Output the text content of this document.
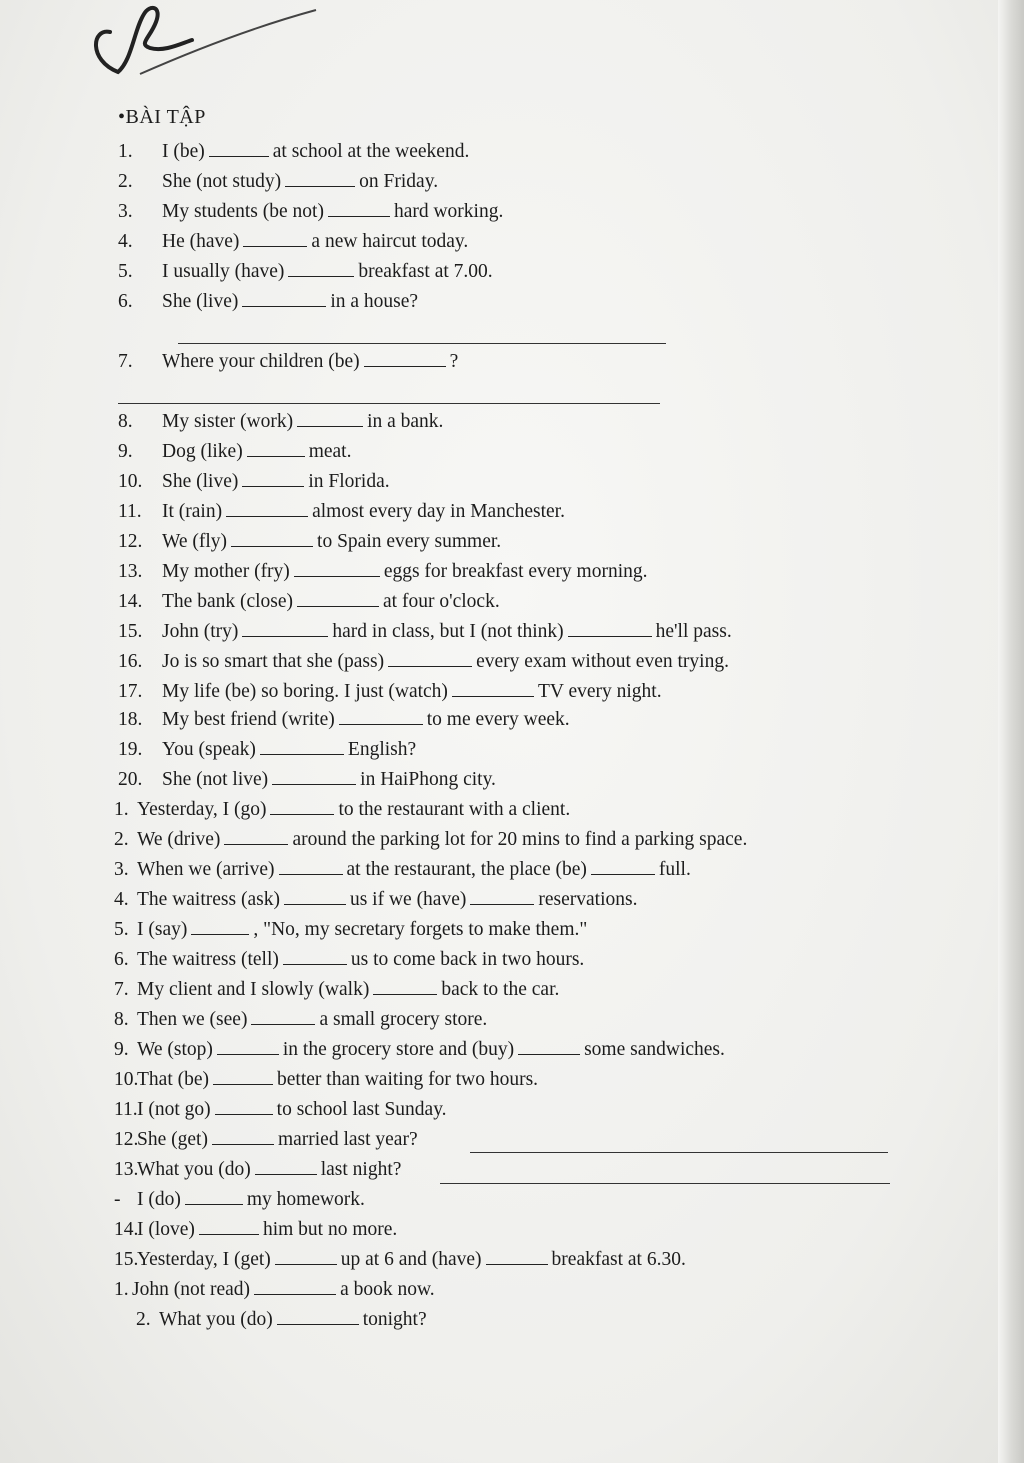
•BÀI TẬP
1. I (be)	at school at the weekend.
2. She (not study)	on Friday.
3. My students (be not)	hard working.
4. He (have)	a new haircut today.
5. I usually (have)	breakfast at 7.00.
6. She (live)	in a house?
7. Where your children (be)	?
8. My sister (work)	in a bank.
9. Dog (like)	meat.
10. She (live)	in Florida.
11. It (rain)	almost every day in Manchester.
12. We (fly)	to Spain every summer.
13. My mother (fry)	eggs for breakfast every morning.
14. The bank (close)	at four o'clock.
15. John (try)	hard in class, but I (not think)	he'll pass.
16. Jo is so smart that she (pass)	every exam without even trying.
17. My life (be) so boring. I just (watch)	TV every night.
18. My best friend (write)	to me every week.
19. You (speak)	English?
20. She (not live)	in HaiPhong city.
1. Yesterday, I (go)	to the restaurant with a client.
2. We (drive)	around the parking lot for 20 mins to find a parking space.
3. When we (arrive)	at the restaurant, the place (be)	full.
4. The waitress (ask)	us if we (have)	reservations.
5. I (say)	, "No, my secretary forgets to make them."
6. The waitress (tell)	us to come back in two hours.
7. My client and I slowly (walk)	back to the car.
8. Then we (see)	a small grocery store.
9. We (stop)	in the grocery store and (buy)	some sandwiches.
10.That (be)	better than waiting for two hours.
11.I (not go)	to school last Sunday.
12.She (get)	married last year?
13.What you (do)	last night?
- I (do)	my homework.
14.I (love)	him but no more.
15.Yesterday, I (get)	up at 6 and (have)	breakfast at 6.30.
1. John (not read)	a book now.
2. What you (do)	tonight?
